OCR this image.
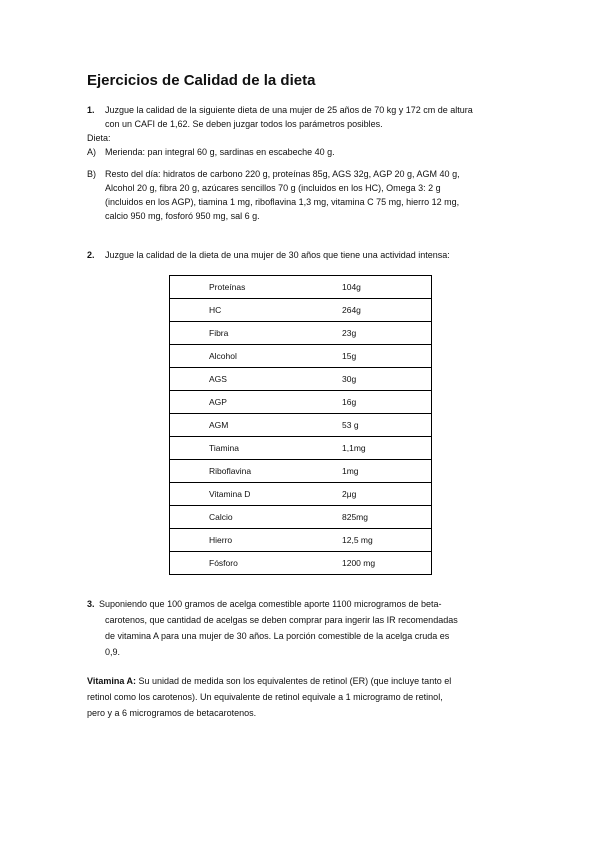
Ejercicios de Calidad de la dieta
1. Juzgue la calidad de la siguiente dieta de una mujer de 25 años de 70 kg y 172 cm de altura
con un CAFI de 1,62. Se deben juzgar todos los parámetros posibles.
Dieta:
A) Merienda: pan integral 60 g, sardinas en escabeche 40 g.
B) Resto del día: hidratos de carbono 220 g, proteínas 85g, AGS 32g, AGP 20 g, AGM 40 g,
Alcohol 20 g, fibra 20 g, azúcares sencillos 70 g (incluidos en los HC), Omega 3: 2 g
(incluidos en los AGP), tiamina 1 mg, riboflavina 1,3 mg, vitamina C 75 mg, hierro 12 mg,
calcio 950 mg, fosforó 950 mg, sal 6 g.
2. Juzgue la calidad de la dieta de una mujer de 30 años que tiene una actividad intensa:
Proteínas	104g
HC	264g
Fibra	23g
Alcohol	15g
AGS	30g
AGP	16g
AGM	53 g
Tiamina	1,1mg
Riboflavina	1mg
Vitamina D	2μg
Calcio	825mg
Hierro	12,5 mg
Fósforo	1200 mg
3. Suponiendo que 100 gramos de acelga comestible aporte 1100 microgramos de beta-
carotenos, que cantidad de acelgas se deben comprar para ingerir las IR recomendadas
de vitamina A para una mujer de 30 años. La porción comestible de la acelga cruda es
0,9.
Vitamina A: Su unidad de medida son los equivalentes de retinol (ER) (que incluye tanto el
retinol como los carotenos). Un equivalente de retinol equivale a 1 microgramo de retinol,
pero y a 6 microgramos de betacarotenos.
